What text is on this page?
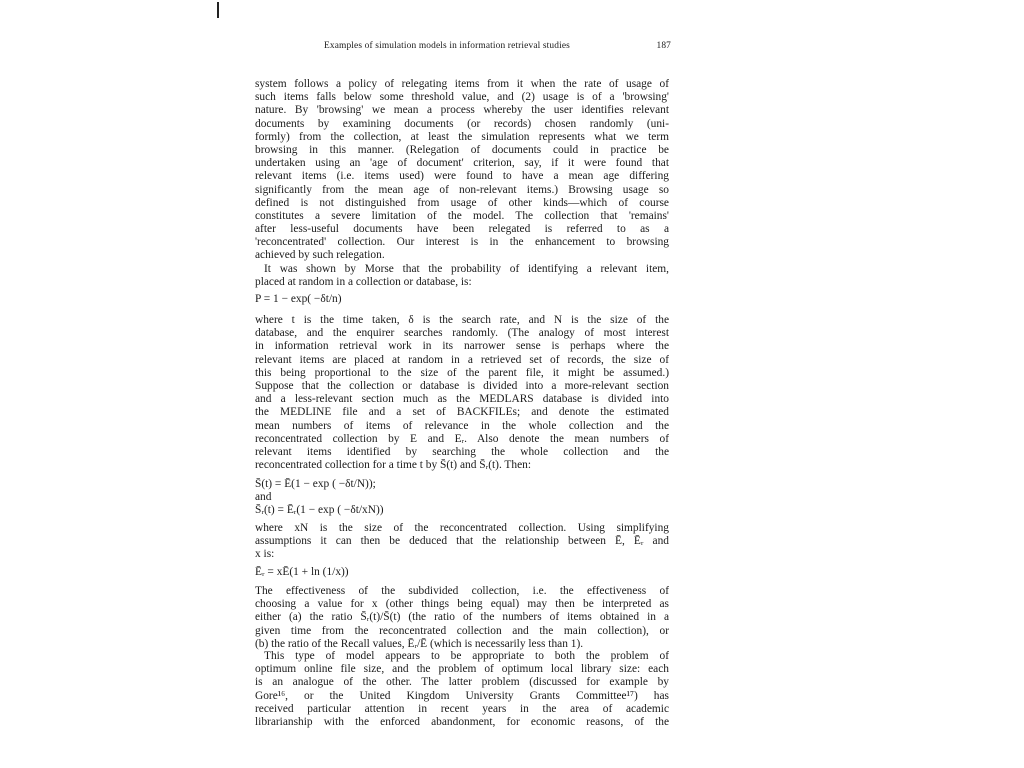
Examples of simulation models in information retrieval studies	187
system follows a policy of relegating items from it when the rate of usage of
such items falls below some threshold value, and (2) usage is of a 'browsing'
nature. By 'browsing' we mean a process whereby the user identifies relevant
documents by examining documents (or records) chosen randomly (uni-
formly) from the collection, at least the simulation represents what we term
browsing in this manner. (Relegation of documents could in practice be
undertaken using an 'age of document' criterion, say, if it were found that
relevant items (i.e. items used) were found to have a mean age differing
significantly from the mean age of non-relevant items.) Browsing usage so
defined is not distinguished from usage of other kinds—which of course
constitutes a severe limitation of the model. The collection that 'remains'
after less-useful documents have been relegated is referred to as a
'reconcentrated' collection. Our interest is in the enhancement to browsing
achieved by such relegation.
It was shown by Morse that the probability of identifying a relevant item,
placed at random in a collection or database, is:
P = 1 − exp( −δt/n)
where t is the time taken, δ is the search rate, and N is the size of the
database, and the enquirer searches randomly. (The analogy of most interest
in information retrieval work in its narrower sense is perhaps where the
relevant items are placed at random in a retrieved set of records, the size of
this being proportional to the size of the parent file, it might be assumed.)
Suppose that the collection or database is divided into a more-relevant section
and a less-relevant section much as the MEDLARS database is divided into
the MEDLINE file and a set of BACKFILEs; and denote the estimated
mean numbers of items of relevance in the whole collection and the
reconcentrated collection by E and Eᵣ. Also denote the mean numbers of
relevant items identified by searching the whole collection and the
reconcentrated collection for a time t by S̄(t) and S̄ᵣ(t). Then:
S̄(t) = Ē(1 − exp ( −δt/N));
and
S̄ᵣ(t) = Ēᵣ(1 − exp ( −δt/xN))
where xN is the size of the reconcentrated collection. Using simplifying
assumptions it can then be deduced that the relationship between Ē, Ēᵣ and
x is:
Ēᵣ = xĒ(1 + ln (1/x))
The effectiveness of the subdivided collection, i.e. the effectiveness of
choosing a value for x (other things being equal) may then be interpreted as
either (a) the ratio S̄ᵣ(t)/S̄(t) (the ratio of the numbers of items obtained in a
given time from the reconcentrated collection and the main collection), or
(b) the ratio of the Recall values, Ēᵣ/Ē (which is necessarily less than 1).
This type of model appears to be appropriate to both the problem of
optimum online file size, and the problem of optimum local library size: each
is an analogue of the other. The latter problem (discussed for example by
Gore¹⁶, or the United Kingdom University Grants Committee¹⁷) has
received particular attention in recent years in the area of academic
librarianship with the enforced abandonment, for economic reasons, of the
